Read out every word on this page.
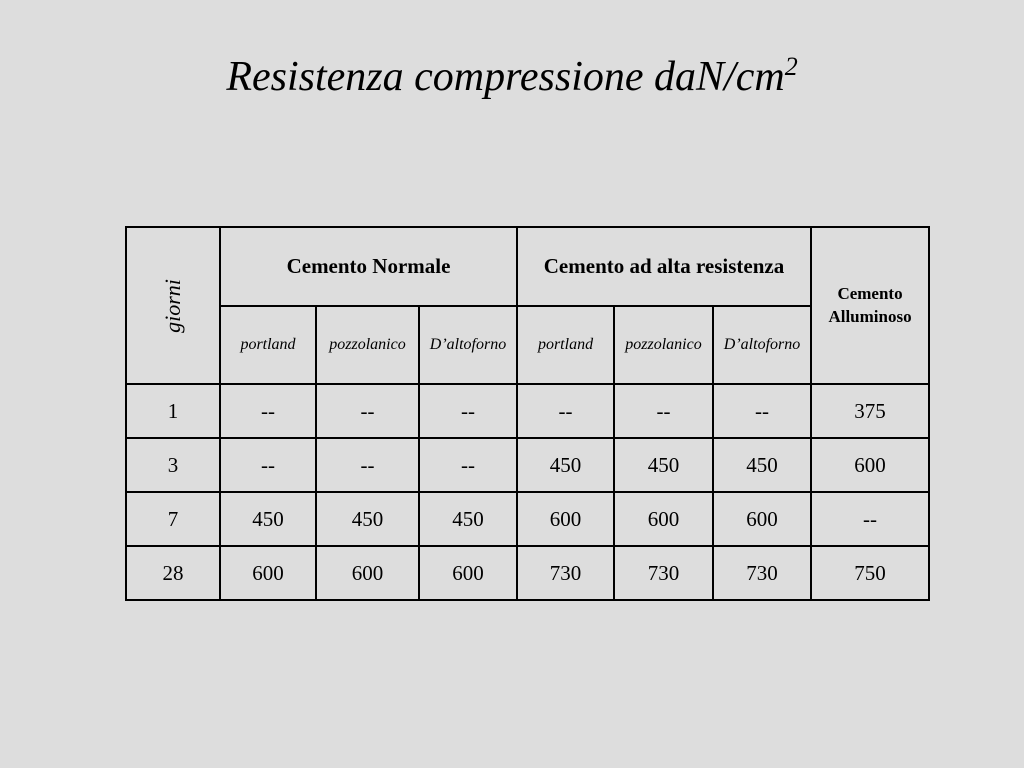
Resistenza compressione daN/$cm^2$
giorni	Cemento Normale			Cemento ad alta resistenza			Cemento Alluminoso
	portland	pozzolanico	D’altoforno	portland	pozzolanico	D’altoforno	
1	--	--	--	--	--	--	375
3	--	--	--	450	450	450	600
7	450	450	450	600	600	600	--
28	600	600	600	730	730	730	750
